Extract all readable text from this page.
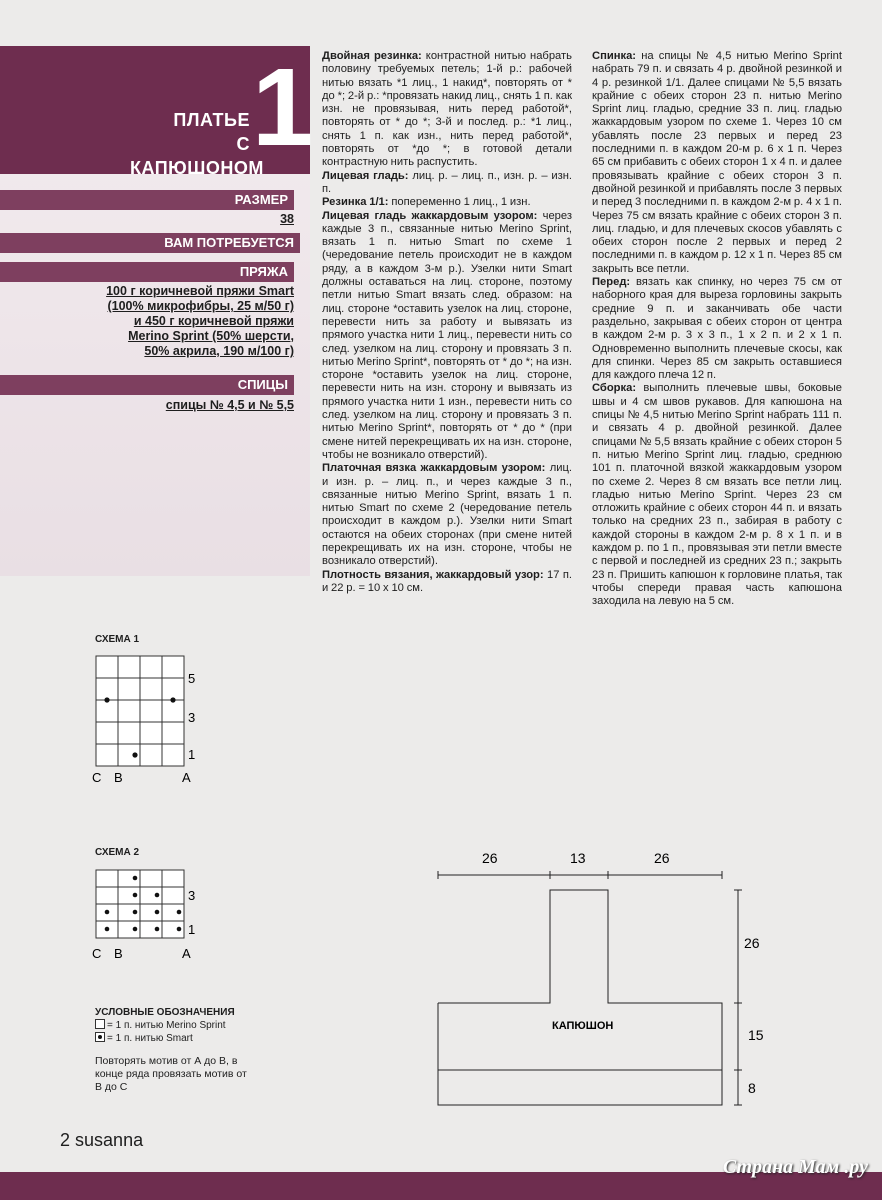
ПЛАТЬЕ
С КАПЮШОНОМ
1
РАЗМЕР
38
ВАМ ПОТРЕБУЕТСЯ
ПРЯЖА
100 г коричневой пряжи Smart
(100% микрофибры, 25 м/50 г)
и 450 г коричневой пряжи
Merino Sprint (50% шерсти,
50% акрила, 190 м/100 г)
СПИЦЫ
спицы № 4,5 и № 5,5

Двойная резинка: контрастной нитью набрать половину требуемых петель; 1-й р.: рабочей нитью вязать *1 лиц., 1 накид*, повторять от * до *; 2-й р.: *провязать накид лиц., снять 1 п. как изн. не провязывая, нить перед работой*, повторять от * до *; 3-й и послед. р.: *1 лиц., снять 1 п. как изн., нить перед работой*, повторять от *до *; в готовой детали контрастную нить распустить.

Лицевая гладь: лиц. р. – лиц. п., изн. р. – изн. п.

Резинка 1/1: попеременно 1 лиц., 1 изн.

Лицевая гладь жаккардовым узором: через каждые 3 п., связанные нитью Merino Sprint, вязать 1 п. нитью Smart по схеме 1 (чередование петель происходит не в каждом ряду, а в каждом 3-м р.). Узелки нити Smart должны оставаться на лиц. стороне, поэтому петли нитью Smart вязать след. образом: на лиц. стороне *оставить узелок на лиц. стороне, перевести нить за работу и вывязать из прямого участка нити 1 лиц., перевести нить со след. узелком на лиц. сторону и провязать 3 п. нитью Merino Sprint*, повторять от * до *; на изн. стороне *оставить узелок на лиц. стороне, перевести нить на изн. сторону и вывязать из прямого участка нити 1 изн., перевести нить со след. узелком на лиц. сторону и провязать 3 п. нитью Merino Sprint*, повторять от * до * (при смене нитей перекрещивать их на изн. стороне, чтобы не возникало отверстий).

Платочная вязка жаккардовым узором: лиц. и изн. р. – лиц. п., и через каждые 3 п., связанные нитью Merino Sprint, вязать 1 п. нитью Smart по схеме 2 (чередование петель происходит в каждом р.). Узелки нити Smart остаются на обеих сторонах (при смене нитей перекрещивать их на изн. стороне, чтобы не возникало отверстий).

Плотность вязания, жаккардовый узор: 17 п. и 22 р. = 10 х 10 см.

Спинка: на спицы № 4,5 нитью Merino Sprint набрать 79 п. и связать 4 р. двойной резинкой и 4 р. резинкой 1/1. Далее спицами № 5,5 вязать крайние с обеих сторон 23 п. нитью Merino Sprint лиц. гладью, средние 33 п. лиц. гладью жаккардовым узором по схеме 1. Через 10 см убавлять после 23 первых и перед 23 последними п. в каждом 20-м р. 6 х 1 п. Через 65 см прибавить с обеих сторон 1 х 4 п. и далее провязывать крайние с обеих сторон 3 п. двойной резинкой и прибавлять после 3 первых и перед 3 последними п. в каждом 2-м р. 4 х 1 п. Через 75 см вязать крайние с обеих сторон 3 п. лиц. гладью, и для плечевых скосов убавлять с обеих сторон после 2 первых и перед 2 последними п. в каждом р. 12 х 1 п. Через 85 см закрыть все петли.

Перед: вязать как спинку, но через 75 см от наборного края для выреза горловины закрыть средние 9 п. и заканчивать обе части раздельно, закрывая с обеих сторон от центра в каждом 2-м р. 3 х 3 п., 1 х 2 п. и 2 х 1 п. Одновременно выполнить плечевые скосы, как для спинки. Через 85 см закрыть оставшиеся для каждого плеча 12 п.

Сборка: выполнить плечевые швы, боковые швы и 4 см швов рукавов. Для капюшона на спицы № 4,5 нитью Merino Sprint набрать 111 п. и связать 4 р. двойной резинкой. Далее спицами № 5,5 вязать крайние с обеих сторон 5 п. нитью Merino Sprint лиц. гладью, среднюю 101 п. платочной вязкой жаккардовым узором по схеме 2. Через 8 см вязать все петли лиц. гладью нитью Merino Sprint. Через 23 см отложить крайние с обеих сторон 44 п. и вязать только на средних 23 п., забирая в работу с каждой стороны в каждом 2-м р. 8 х 1 п. и в каждом р. по 1 п., провязывая эти петли вместе с первой и последней из средних 23 п.; закрыть 23 п. Пришить капюшон к горловине платья, так чтобы спереди правая часть капюшона заходила на левую на 5 см.

СХЕМА 1
5
3
1
С В	А
СХЕМА 2
3
1
С В	А
УСЛОВНЫЕ ОБОЗНАЧЕНИЯ
= 1 п. нитью Merino Sprint
= 1 п. нитью Smart
Повторять мотив от А до В, в конце ряда провязать мотив от В до С
26	13	26
26
15
8
КАПЮШОН
2 susanna
Страна Мам .ру
